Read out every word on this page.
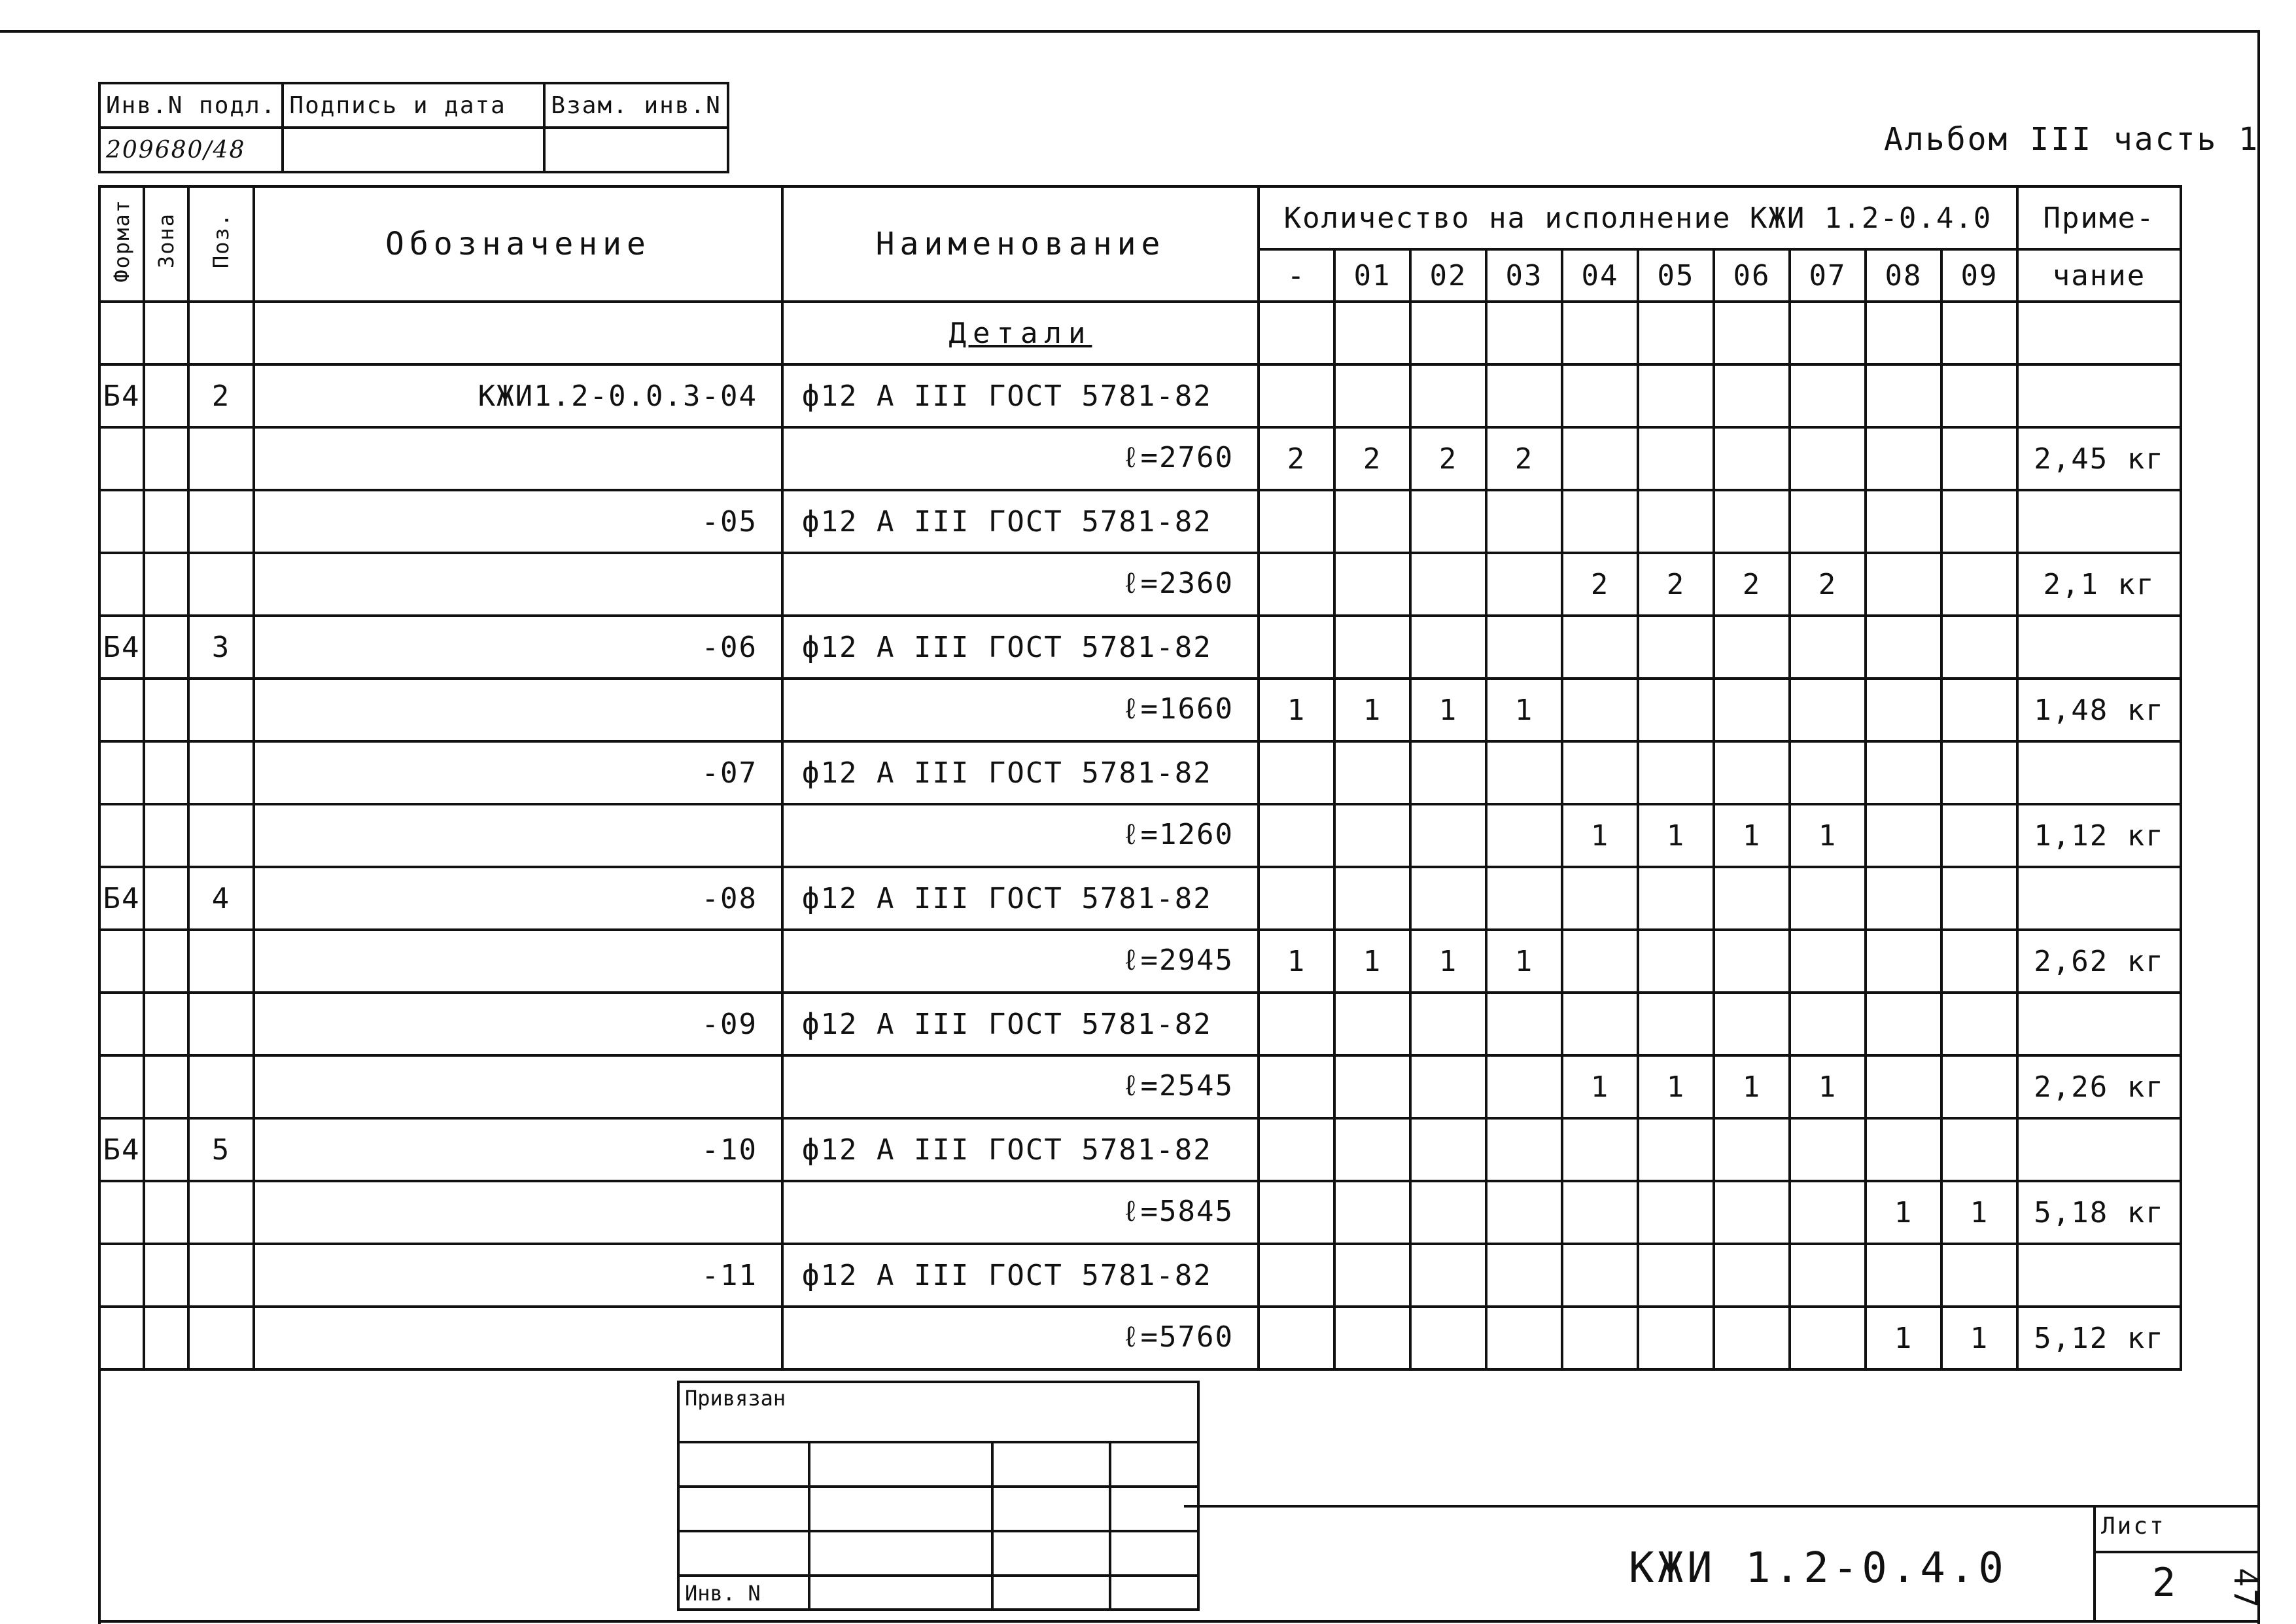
Инв.N подл.	Подпись и дата	Взам. инв.N
209680/48			Альбом III часть 1
Формат	Зона	Поз.	Обозначение	Наименование	Количество на исполнение КЖИ 1.2-0.4.0										Приме-
					-	01	02	03	04	05	06	07	08	09	чание
				Детали											
Б4		2	КЖИ1.2-0.0.3-04	ф12 А III ГОСТ 5781-82											
				ℓ=2760	2	2	2	2							2,45 кг
			-05	ф12 А III ГОСТ 5781-82											
				ℓ=2360					2	2	2	2			2,1 кг
Б4		3	-06	ф12 А III ГОСТ 5781-82											
				ℓ=1660	1	1	1	1							1,48 кг
			-07	ф12 А III ГОСТ 5781-82											
				ℓ=1260					1	1	1	1			1,12 кг
Б4		4	-08	ф12 А III ГОСТ 5781-82											
				ℓ=2945	1	1	1	1							2,62 кг
			-09	ф12 А III ГОСТ 5781-82											
				ℓ=2545					1	1	1	1			2,26 кг
Б4		5	-10	ф12 А III ГОСТ 5781-82											
				ℓ=5845									1	1	5,18 кг
			-11	ф12 А III ГОСТ 5781-82											
				ℓ=5760									1	1	5,12 кг
Привязан			

Инв. N			
КЖИ 1.2-0.4.0
Лист
2 47
